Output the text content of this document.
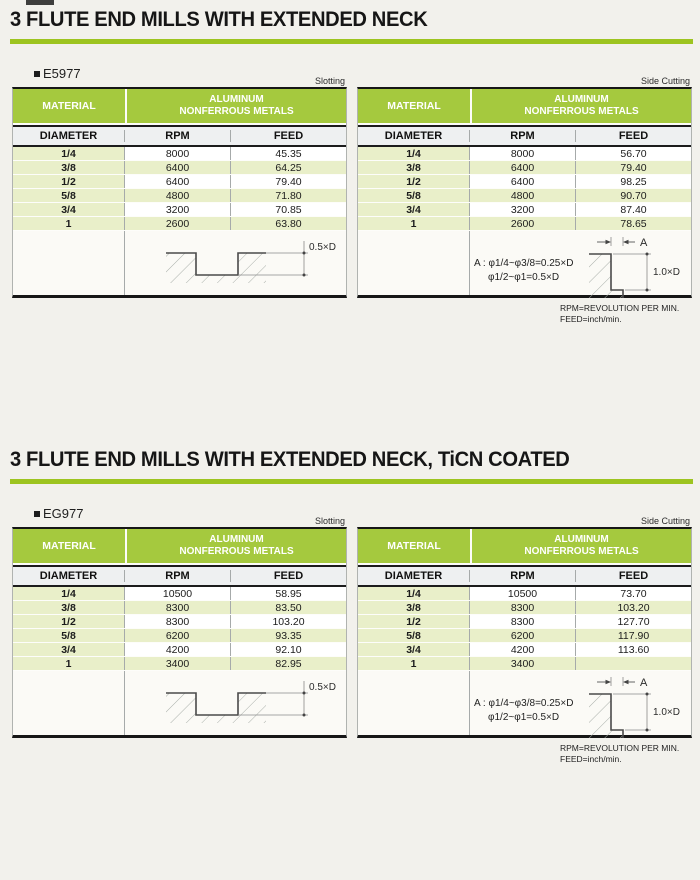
3 FLUTE END MILLS WITH EXTENDED NECK
E5977	Slotting
MATERIAL
ALUMINUM
NONFERROUS METALS
DIAMETER	RPM	FEED
1/4	8000	45.35
3/8	6400	64.25
1/2	6400	79.40
5/8	4800	71.80
3/4	3200	70.85
1	2600	63.80
0.5×D
Side Cutting
MATERIAL
ALUMINUM
NONFERROUS METALS
DIAMETER	RPM	FEED
1/4	8000	56.70
3/8	6400	79.40
1/2	6400	98.25
5/8	4800	90.70
3/4	3200	87.40
1	2600	78.65
A : φ1/4~φ3/8=0.25×D
φ1/2~φ1=0.5×D
A
1.0×D
RPM=REVOLUTION PER MIN.
FEED=inch/min.
3 FLUTE END MILLS WITH EXTENDED NECK, TiCN COATED
EG977	Slotting
MATERIAL
ALUMINUM
NONFERROUS METALS
DIAMETER	RPM	FEED
1/4	10500	58.95
3/8	8300	83.50
1/2	8300	103.20
5/8	6200	93.35
3/4	4200	92.10
1	3400	82.95
0.5×D
Side Cutting
MATERIAL
ALUMINUM
NONFERROUS METALS
DIAMETER	RPM	FEED
1/4	10500	73.70
3/8	8300	103.20
1/2	8300	127.70
5/8	6200	117.90
3/4	4200	113.60
1	3400
A : φ1/4~φ3/8=0.25×D
φ1/2~φ1=0.5×D
A
1.0×D
RPM=REVOLUTION PER MIN.
FEED=inch/min.
